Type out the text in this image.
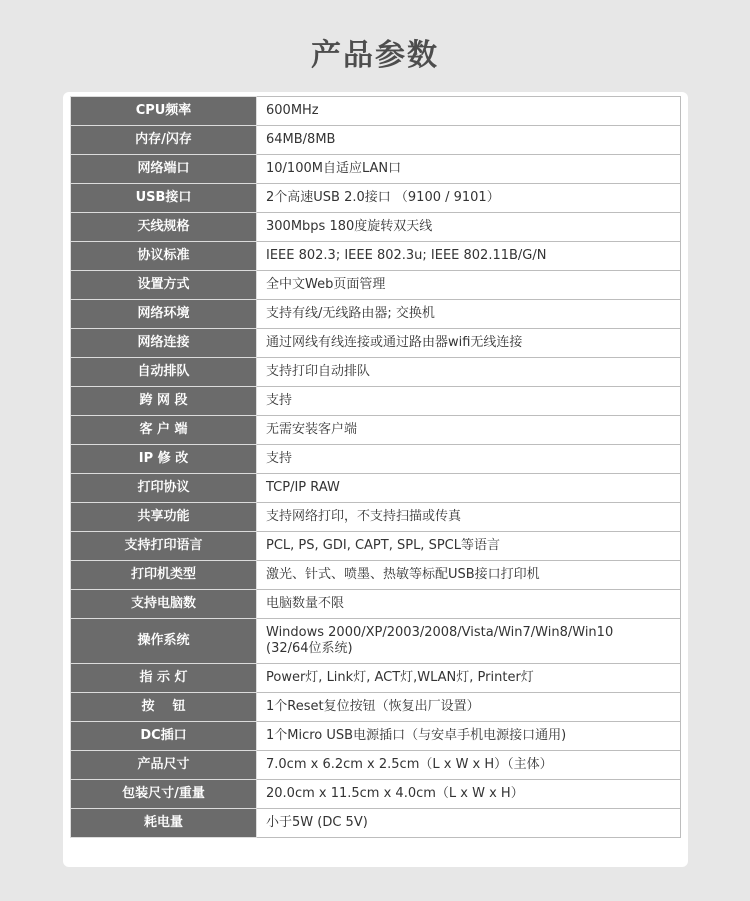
产品参数
CPU频率	600MHz
内存/闪存	64MB/8MB
网络端口	10/100M自适应LAN口
USB接口	2个高速USB 2.0接口 （9100 / 9101）
天线规格	300Mbps 180度旋转双天线
协议标准	IEEE 802.3; IEEE 802.3u; IEEE 802.11B/G/N
设置方式	全中文Web页面管理
网络环境	支持有线/无线路由器; 交换机
网络连接	通过网线有线连接或通过路由器wifi无线连接
自动排队	支持打印自动排队
跨 网 段	支持
客 户 端	无需安装客户端
IP 修 改	支持
打印协议	TCP/IP RAW
共享功能	支持网络打印，不支持扫描或传真
支持打印语言	PCL, PS, GDI, CAPT, SPL, SPCL等语言
打印机类型	激光、针式、喷墨、热敏等标配USB接口打印机
支持电脑数	电脑数量不限
操作系统	Windows 2000/XP/2003/2008/Vista/Win7/Win8/Win10
(32/64位系统)

指 示 灯	Power灯, Link灯, ACT灯,WLAN灯, Printer灯
按    钮	1个Reset复位按钮（恢复出厂设置）
DC插口	1个Micro USB电源插口（与安卓手机电源接口通用)
产品尺寸	7.0cm x 6.2cm x 2.5cm（L x W x H）（主体）
包装尺寸/重量	20.0cm x 11.5cm x 4.0cm（L x W x H）
耗电量	小于5W (DC 5V)
